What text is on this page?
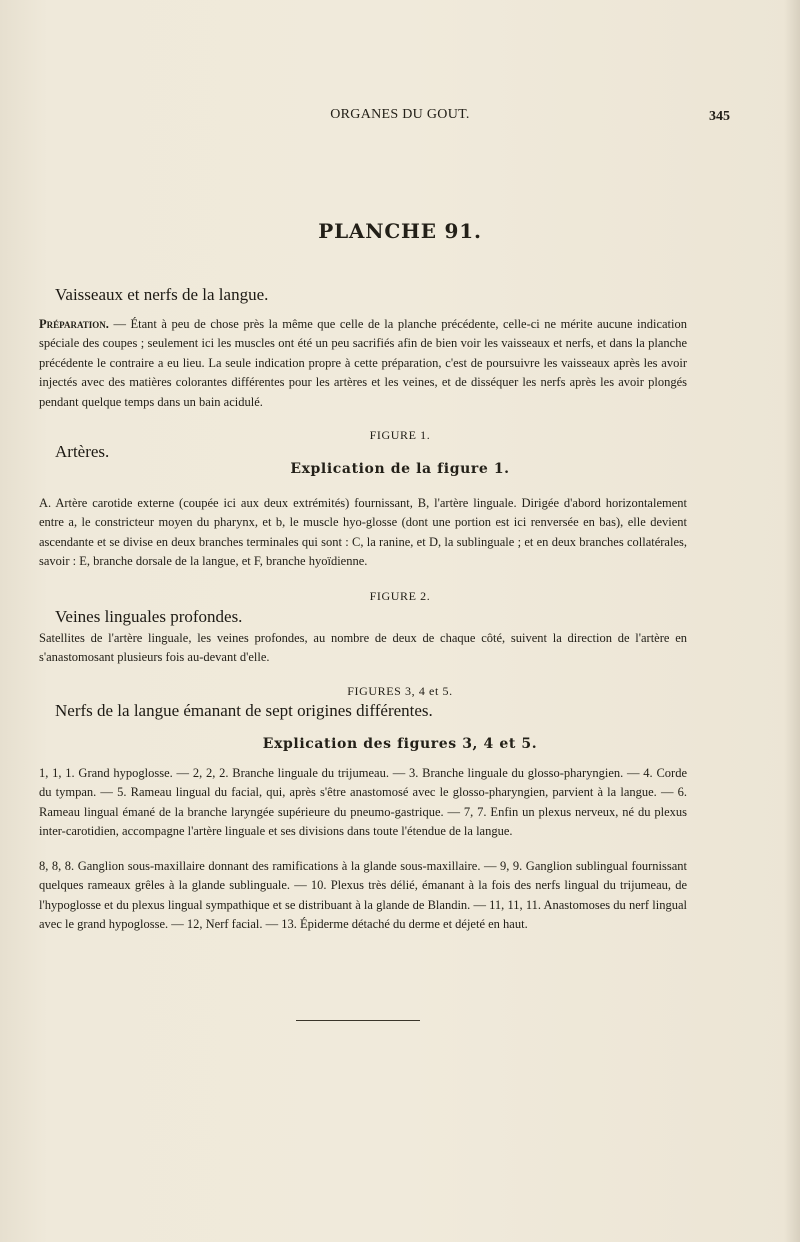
ORGANES DU GOUT.	345
PLANCHE 91.
Vaisseaux et nerfs de la langue.

Préparation. — Étant à peu de chose près la même que celle de la planche précédente, celle-ci ne mérite aucune indication spéciale des coupes ; seulement ici les muscles ont été un peu sacrifiés afin de bien voir les vaisseaux et nerfs, et dans la planche précédente le contraire a eu lieu. La seule indication propre à cette préparation, c'est de poursuivre les vaisseaux après les avoir injectés avec des matières colorantes différentes pour les artères et les veines, et de disséquer les nerfs après les avoir plongés pendant quelque temps dans un bain acidulé.

FIGURE 1.
Artères.
Explication de la figure 1.

A. Artère carotide externe (coupée ici aux deux extrémités) fournissant, B, l'artère linguale. Dirigée d'abord horizontalement entre a, le constricteur moyen du pharynx, et b, le muscle hyo-glosse (dont une portion est ici renversée en bas), elle devient ascendante et se divise en deux branches terminales qui sont : C, la ranine, et D, la sublinguale ; et en deux branches collatérales, savoir : E, branche dorsale de la langue, et F, branche hyoïdienne.

FIGURE 2.
Veines linguales profondes.

Satellites de l'artère linguale, les veines profondes, au nombre de deux de chaque côté, suivent la direction de l'artère en s'anastomosant plusieurs fois au-devant d'elle.

FIGURES 3, 4 et 5.
Nerfs de la langue émanant de sept origines différentes.
Explication des figures 3, 4 et 5.

1, 1, 1. Grand hypoglosse. — 2, 2, 2. Branche linguale du trijumeau. — 3. Branche linguale du glosso-pharyngien. — 4. Corde du tympan. — 5. Rameau lingual du facial, qui, après s'être anastomosé avec le glosso-pharyngien, parvient à la langue. — 6. Rameau lingual émané de la branche laryngée supérieure du pneumo-gastrique. — 7, 7. Enfin un plexus nerveux, né du plexus inter-carotidien, accompagne l'artère linguale et ses divisions dans toute l'étendue de la langue.

8, 8, 8. Ganglion sous-maxillaire donnant des ramifications à la glande sous-maxillaire. — 9, 9. Ganglion sublingual fournissant quelques rameaux grêles à la glande sublinguale. — 10. Plexus très délié, émanant à la fois des nerfs lingual du trijumeau, de l'hypoglosse et du plexus lingual sympathique et se distribuant à la glande de Blandin. — 11, 11, 11. Anastomoses du nerf lingual avec le grand hypoglosse. — 12, Nerf facial. — 13. Épiderme détaché du derme et déjeté en haut.
